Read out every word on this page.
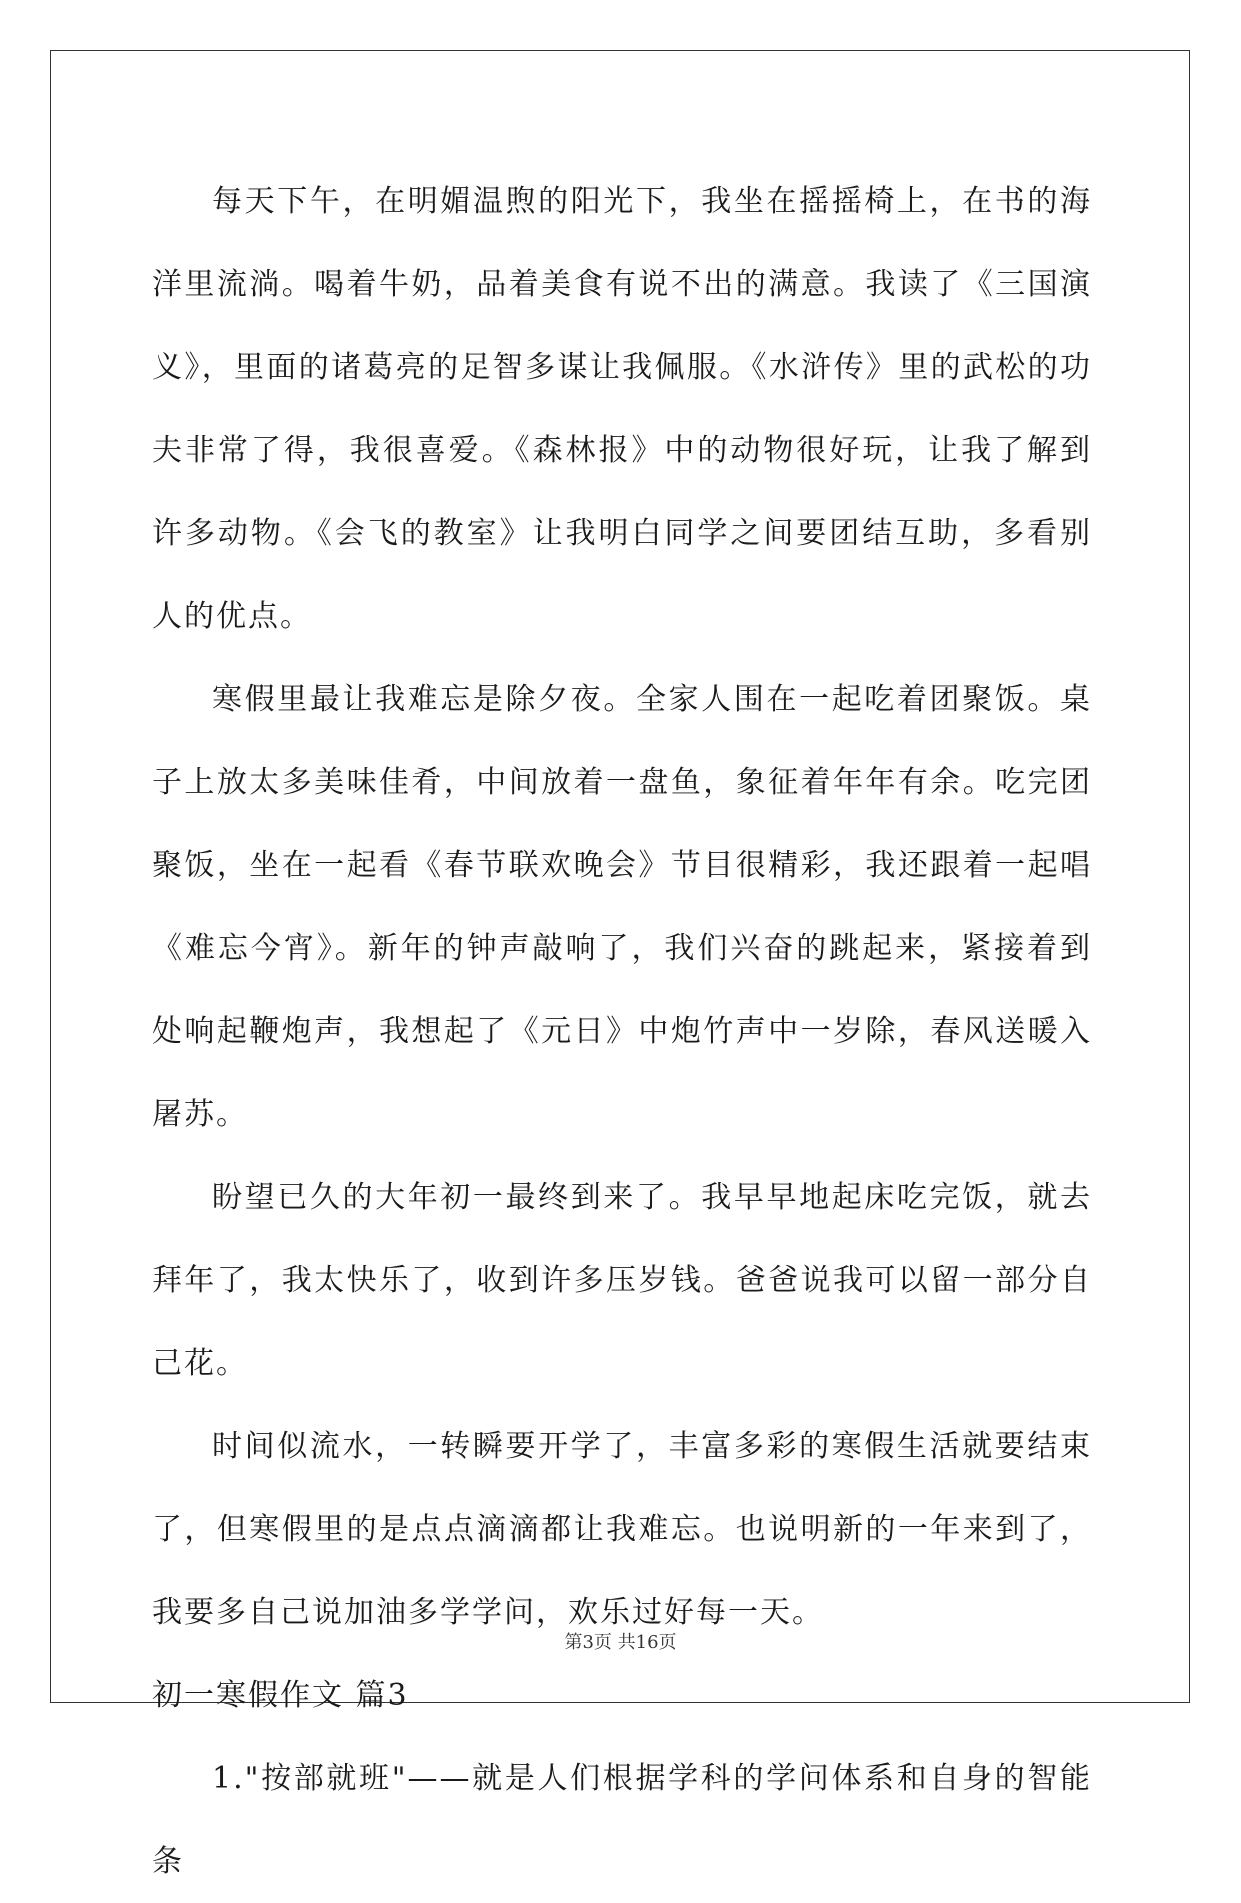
每天下午，在明媚温煦的阳光下，我坐在摇摇椅上，在书的海洋里流淌。喝着牛奶，品着美食有说不出的满意。我读了《三国演义》，里面的诸葛亮的足智多谋让我佩服。《水浒传》里的武松的功夫非常了得，我很喜爱。《森林报》中的动物很好玩，让我了解到许多动物。《会飞的教室》让我明白同学之间要团结互助，多看别人的优点。

寒假里最让我难忘是除夕夜。全家人围在一起吃着团聚饭。桌子上放太多美味佳肴，中间放着一盘鱼，象征着年年有余。吃完团聚饭，坐在一起看《春节联欢晚会》节目很精彩，我还跟着一起唱《难忘今宵》。新年的钟声敲响了，我们兴奋的跳起来，紧接着到处响起鞭炮声，我想起了《元日》中炮竹声中一岁除，春风送暖入屠苏。

盼望已久的大年初一最终到来了。我早早地起床吃完饭，就去拜年了，我太快乐了，收到许多压岁钱。爸爸说我可以留一部分自己花。

时间似流水，一转瞬要开学了，丰富多彩的寒假生活就要结束了，但寒假里的是点点滴滴都让我难忘。也说明新的一年来到了，我要多自己说加油多学学问，欢乐过好每一天。

初一寒假作文 篇3

1."按部就班"——就是人们根据学科的学问体系和自身的智能条

第3页 共16页
